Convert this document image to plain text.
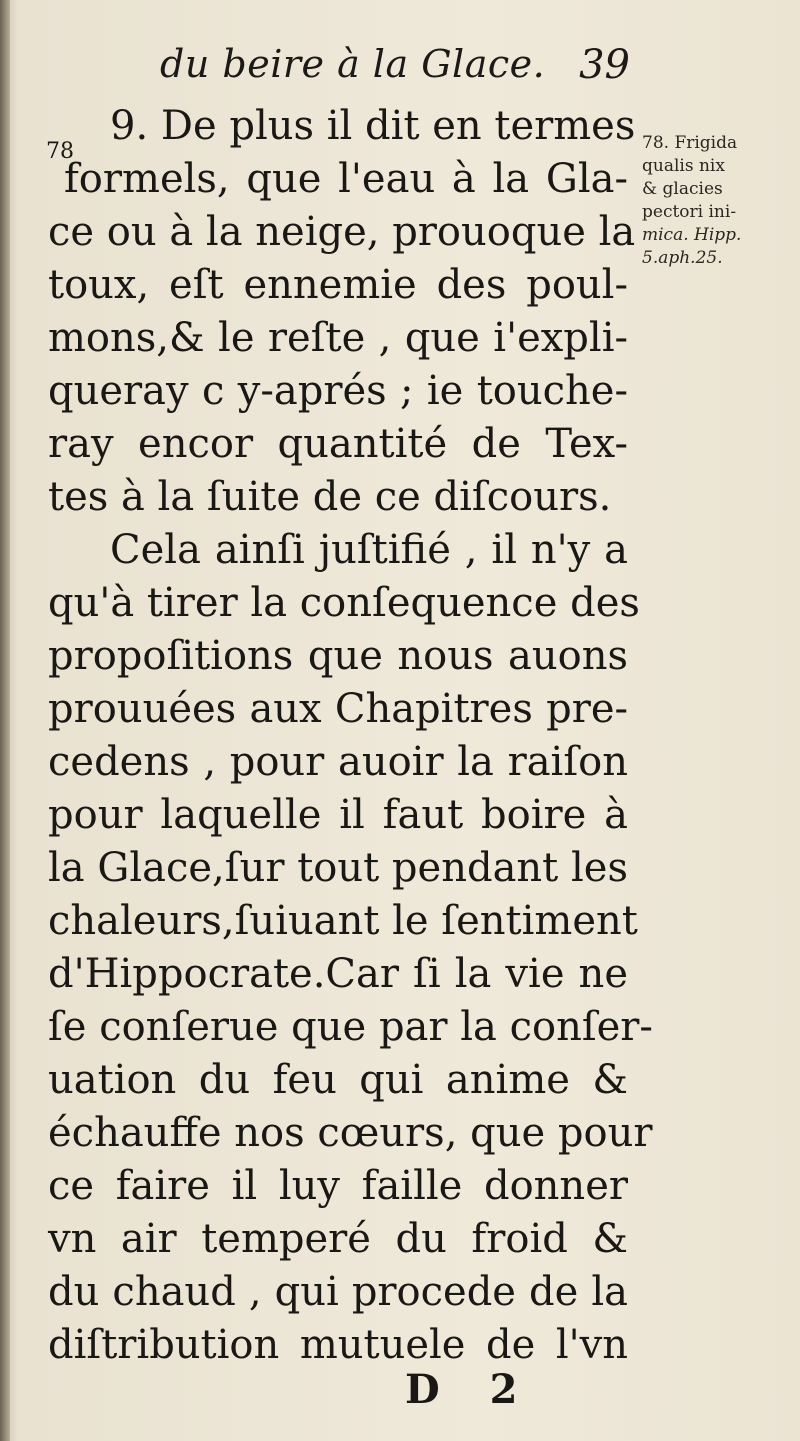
du beire à la Glace. 39
9. De plus il dit en termes
78
formels, que l'eau à la Gla-
ce ou à la neige, prouoque la
toux, eſt ennemie des poul-
mons,& le reſte , que i'expli-
queray c y-aprés ; ie touche-
ray encor quantité de Tex-
tes à la ſuite de ce diſcours.
Cela ainſi juſtifié , il n'y a
qu'à tirer la conſequence des
propoſitions que nous auons
prouuées aux Chapitres pre-
cedens , pour auoir la raiſon
pour laquelle il faut boire à
la Glace,ſur tout pendant les
chaleurs,ſuiuant le ſentiment
d'Hippocrate.Car ſi la vie ne
ſe conſerue que par la conſer-
uation du feu qui anime &
échauffe nos cœurs, que pour
ce faire il luy faille donner
vn air temperé du froid &
du chaud , qui procede de la
diſtribution mutuele de l'vn
78. Frigida
qualis nix
& glacies
pectori ini-
mica. Hipp.
5.aph.25.
D 2
